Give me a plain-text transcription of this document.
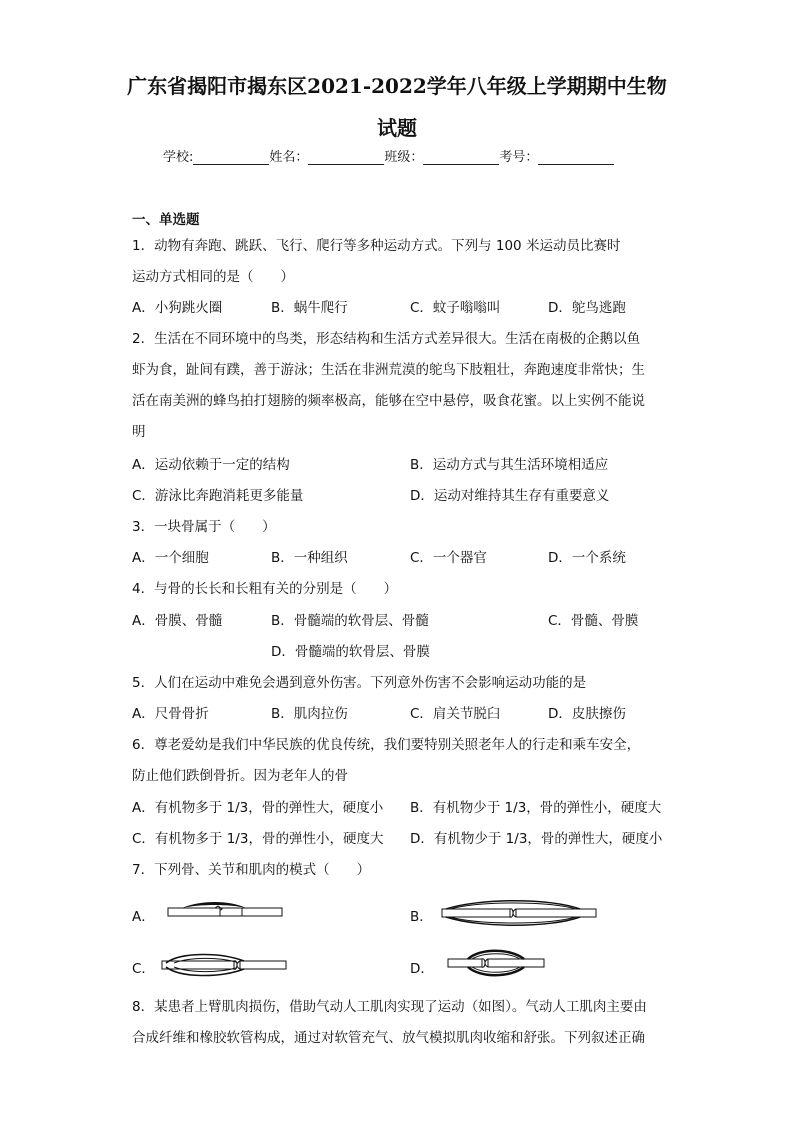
广东省揭阳市揭东区2021-2022学年八年级上学期期中生物
试题
学校:	姓名：	班级：	考号：
一、单选题
1．动物有奔跑、跳跃、飞行、爬行等多种运动方式。下列与 100 米运动员比赛时
运动方式相同的是（　　）
A．小狗跳火圈	B．蜗牛爬行	C．蚊子嗡嗡叫	D．鸵鸟逃跑
2．生活在不同环境中的鸟类，形态结构和生活方式差异很大。生活在南极的企鹅以鱼
虾为食，趾间有蹼，善于游泳；生活在非洲荒漠的鸵鸟下肢粗壮，奔跑速度非常快；生
活在南美洲的蜂鸟拍打翅膀的频率极高，能够在空中悬停，吸食花蜜。以上实例不能说
明
A．运动依赖于一定的结构	B．运动方式与其生活环境相适应
C．游泳比奔跑消耗更多能量	D．运动对维持其生存有重要意义
3．一块骨属于（　　）
A．一个细胞	B．一种组织	C．一个器官	D．一个系统
4．与骨的长长和长粗有关的分别是（　　）
A．骨膜、骨髓	B．骨髓端的软骨层、骨髓	C．骨髓、骨膜
D．骨髓端的软骨层、骨膜
5．人们在运动中难免会遇到意外伤害。下列意外伤害不会影响运动功能的是
A．尺骨骨折	B．肌肉拉伤	C．肩关节脱臼	D．皮肤擦伤
6．尊老爱幼是我们中华民族的优良传统，我们要特别关照老年人的行走和乘车安全，
防止他们跌倒骨折。因为老年人的骨
A．有机物多于 1/3，骨的弹性大，硬度小 B．有机物少于 1/3，骨的弹性小，硬度大
C．有机物多于 1/3，骨的弹性小，硬度大 D．有机物少于 1/3，骨的弹性大，硬度小
7．下列骨、关节和肌肉的模式（　　）
A．	B．
C．	D．
8．某患者上臂肌肉损伤，借助气动人工肌肉实现了运动（如图）。气动人工肌肉主要由
合成纤维和橡胶软管构成，通过对软管充气、放气模拟肌肉收缩和舒张。下列叙述正确
